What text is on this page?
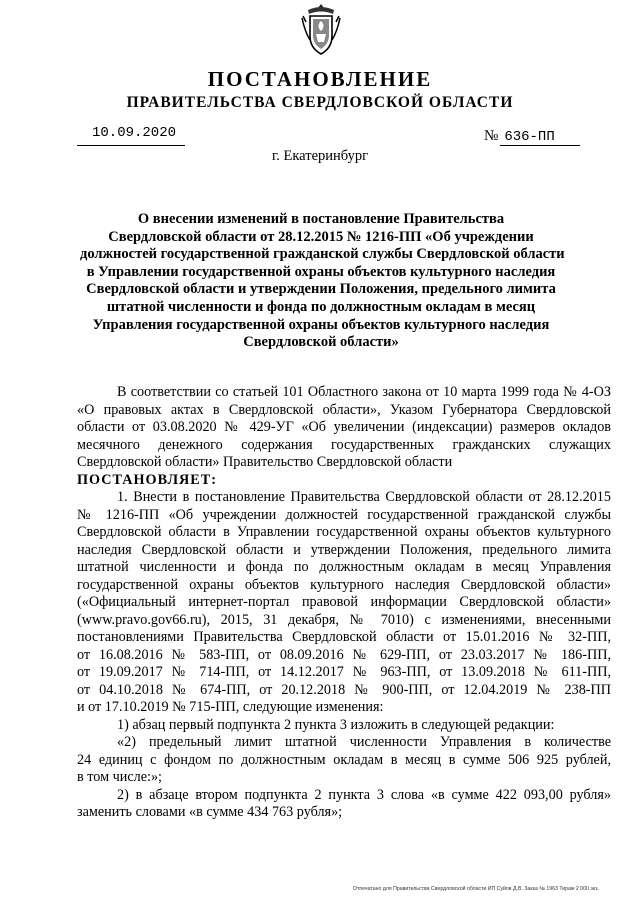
ПОСТАНОВЛЕНИЕ
ПРАВИТЕЛЬСТВА СВЕРДЛОВСКОЙ ОБЛАСТИ
10.09.2020	№ 636-ПП
г. Екатеринбург
О внесении изменений в постановление Правительства
Свердловской области от 28.12.2015 № 1216-ПП «Об учреждении
должностей государственной гражданской службы Свердловской области
в Управлении государственной охраны объектов культурного наследия
Свердловской области и утверждении Положения, предельного лимита
штатной численности и фонда по должностным окладам в месяц
Управления государственной охраны объектов культурного наследия
Свердловской области»
В соответствии со статьей 101 Областного закона от 10 марта 1999 года № 4-ОЗ
«О правовых актах в Свердловской области», Указом Губернатора Свердловской
области от 03.08.2020 № 429-УГ «Об увеличении (индексации) размеров окладов
месячного денежного содержания государственных гражданских служащих
Свердловской области» Правительство Свердловской области
ПОСТАНОВЛЯЕТ:
1. Внести в постановление Правительства Свердловской области от 28.12.2015
№ 1216-ПП «Об учреждении должностей государственной гражданской службы
Свердловской области в Управлении государственной охраны объектов культурного
наследия Свердловской области и утверждении Положения, предельного лимита
штатной численности и фонда по должностным окладам в месяц Управления
государственной охраны объектов культурного наследия Свердловской области»
(«Официальный интернет-портал правовой информации Свердловской области»
(www.pravo.gov66.ru), 2015, 31 декабря, № 7010) с изменениями, внесенными
постановлениями Правительства Свердловской области от 15.01.2016 № 32-ПП,
от 16.08.2016 № 583-ПП, от 08.09.2016 № 629-ПП, от 23.03.2017 № 186-ПП,
от 19.09.2017 № 714-ПП, от 14.12.2017 № 963-ПП, от 13.09.2018 № 611-ПП,
от 04.10.2018 № 674-ПП, от 20.12.2018 № 900-ПП, от 12.04.2019 № 238-ПП
и от 17.10.2019 № 715-ПП, следующие изменения:
1) абзац первый подпункта 2 пункта 3 изложить в следующей редакции:
«2) предельный лимит штатной численности Управления в количестве
24 единиц с фондом по должностным окладам в месяц в сумме 506 925 рублей,
в том числе:»;
2) в абзаце втором подпункта 2 пункта 3 слова «в сумме 422 093,00 рубля»
заменить словами «в сумме 434 763 рубля»;
Отпечатано для Правительства Свердловской области ИП Суйов Д.В. Заказ № 1963 Тираж 2 000 экз.
